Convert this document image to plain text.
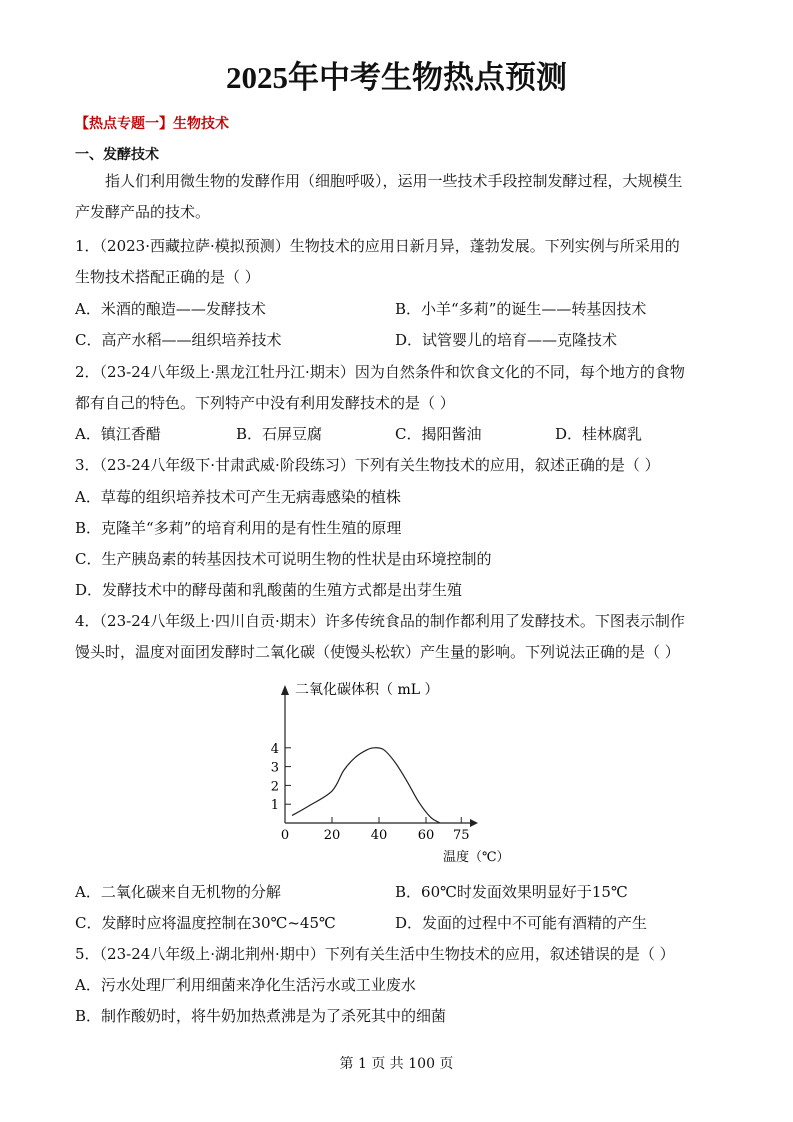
2025年中考生物热点预测
【热点专题一】生物技术
一、发酵技术
指人们利用微生物的发酵作用（细胞呼吸），运用一些技术手段控制发酵过程，大规模生
产发酵产品的技术。
1．（2023·西藏拉萨·模拟预测）生物技术的应用日新月异，蓬勃发展。下列实例与所采用的
生物技术搭配正确的是（ ）
A．米酒的酿造——发酵技术	B．小羊“多莉”的诞生——转基因技术
C．高产水稻——组织培养技术	D．试管婴儿的培育——克隆技术
2．（23-24八年级上·黑龙江牡丹江·期末）因为自然条件和饮食文化的不同，每个地方的食物
都有自己的特色。下列特产中没有利用发酵技术的是（ ）
A．镇江香醋	B．石屏豆腐	C．揭阳酱油	D．桂林腐乳
3．（23-24八年级下·甘肃武威·阶段练习）下列有关生物技术的应用，叙述正确的是（ ）
A．草莓的组织培养技术可产生无病毒感染的植株
B．克隆羊“多莉”的培育利用的是有性生殖的原理
C．生产胰岛素的转基因技术可说明生物的性状是由环境控制的
D．发酵技术中的酵母菌和乳酸菌的生殖方式都是出芽生殖
4．（23-24八年级上·四川自贡·期末）许多传统食品的制作都利用了发酵技术。下图表示制作
馒头时，温度对面团发酵时二氧化碳（使馒头松软）产生量的影响。下列说法正确的是（ ）
0	20 40 60 75
1
2
3
4
二氧化碳体积（ mL ）
温度（℃）
A．二氧化碳来自无机物的分解	B．60℃时发面效果明显好于15℃
C．发酵时应将温度控制在30℃~45℃	D．发面的过程中不可能有酒精的产生
5．（23-24八年级上·湖北荆州·期中）下列有关生活中生物技术的应用，叙述错误的是（ ）
A．污水处理厂利用细菌来净化生活污水或工业废水
B．制作酸奶时，将牛奶加热煮沸是为了杀死其中的细菌
第 1 页 共 100 页
